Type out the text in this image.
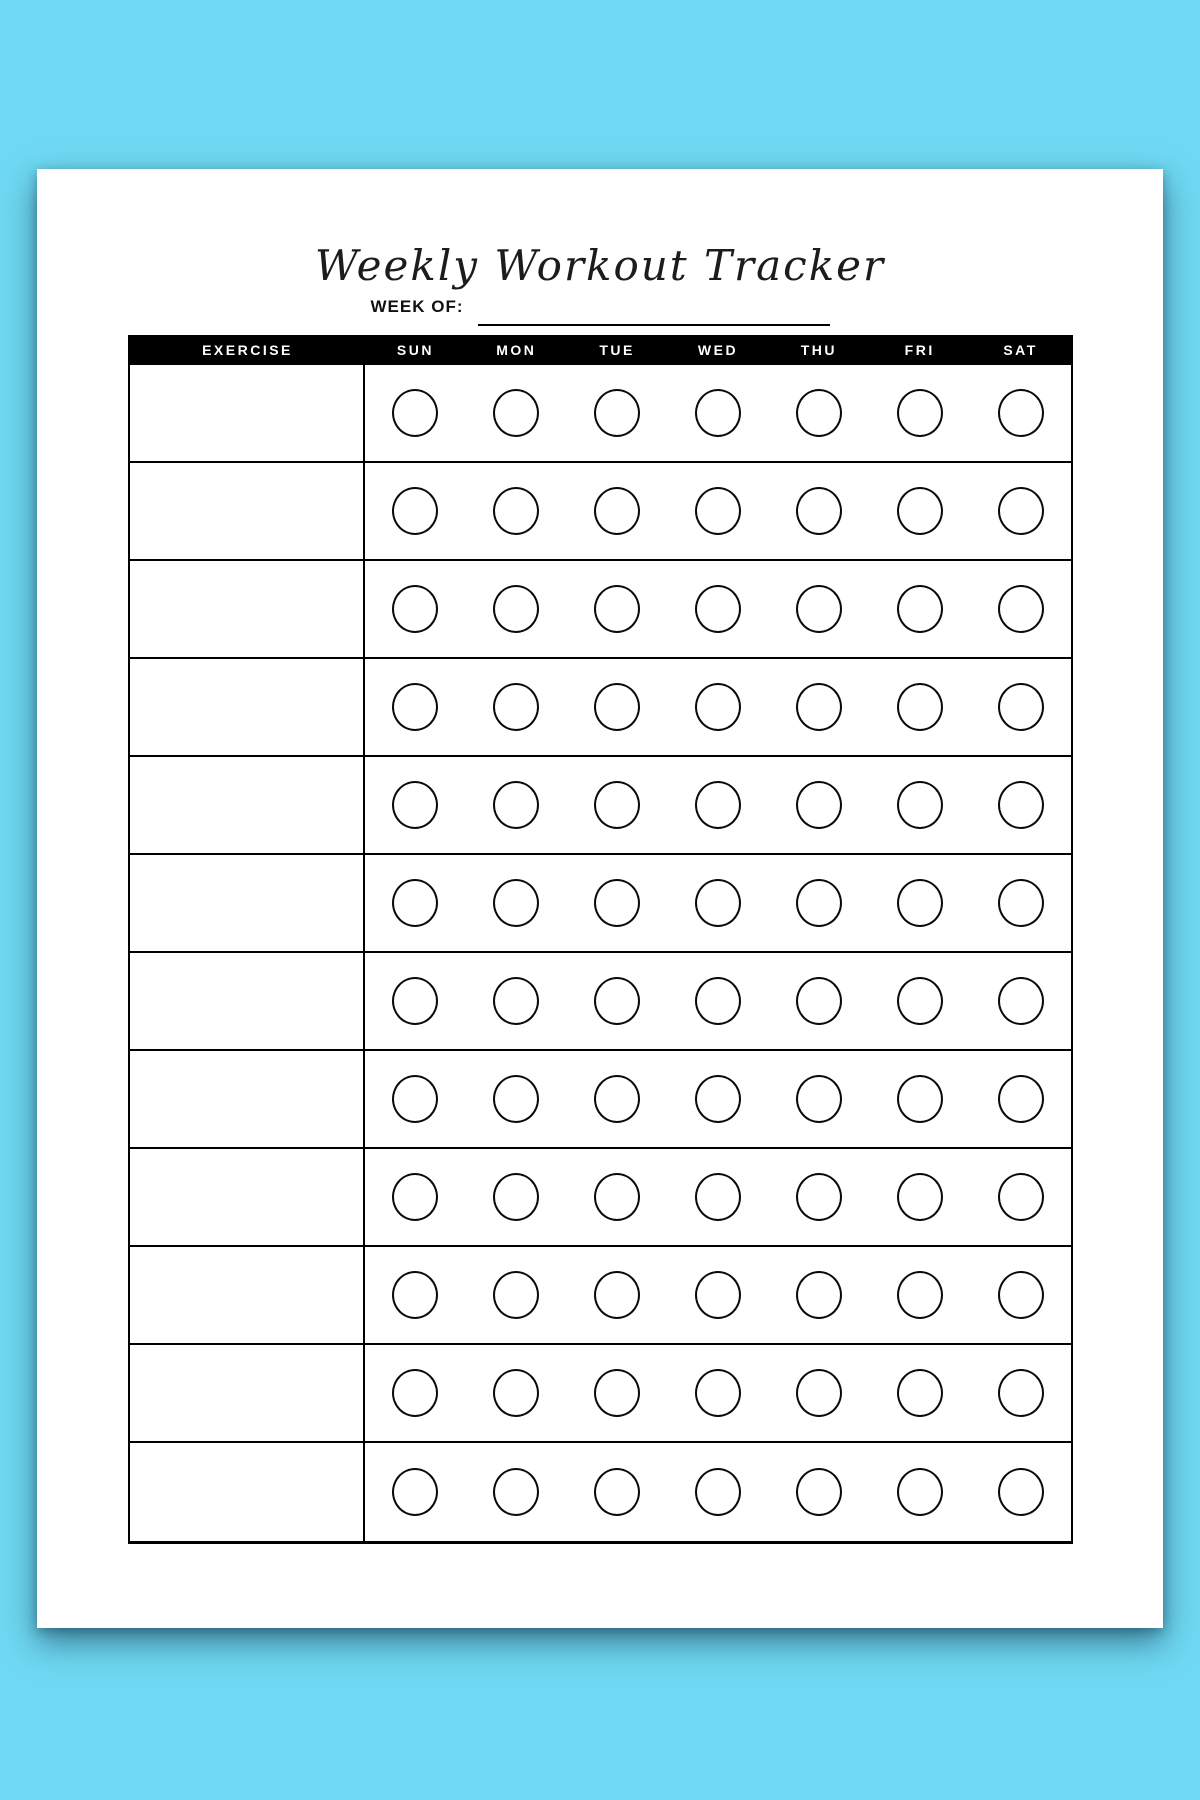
Weekly Workout Tracker
WEEK OF:
EXERCISE	SUN	MON	TUE	WED	THU	FRI	SAT
